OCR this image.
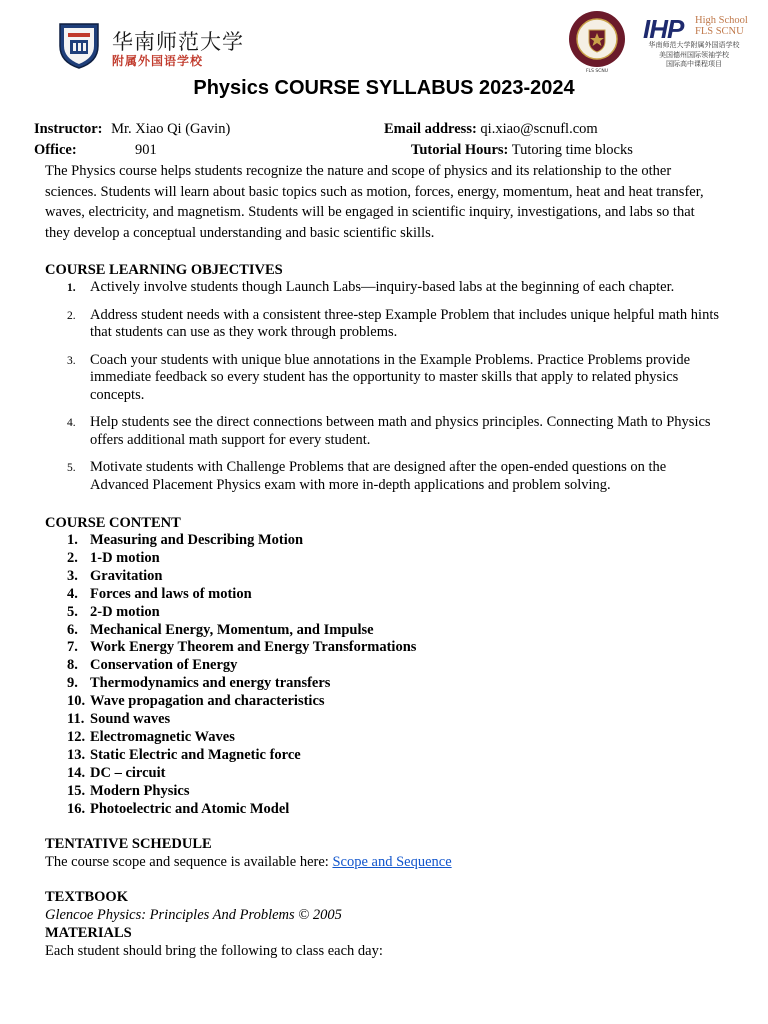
华南师范大学
附属外国语学校
FLS SCNU
IHP High School
FLS SCNU
华南师范大学附属外国语学校
美国德州国际领袖学校
国际高中课程项目
Physics COURSE SYLLABUS 2023-2024
Instructor: Mr. Xiao Qi (Gavin)	Email address: qi.xiao@scnufl.com
Office:	901	Tutorial Hours: Tutoring time blocks
The Physics course helps students recognize the nature and scope of physics and its relationship to the other sciences. Students will learn about basic topics such as motion, forces, energy, momentum, heat and heat transfer, waves, electricity, and magnetism. Students will be engaged in scientific inquiry, investigations, and labs so that they develop a conceptual understanding and basic scientific skills.
COURSE LEARNING OBJECTIVES
1. Actively involve students though Launch Labs—inquiry-based labs at the beginning of each chapter.
2. Address student needs with a consistent three-step Example Problem that includes unique helpful math hints that students can use as they work through problems.
3. Coach your students with unique blue annotations in the Example Problems. Practice Problems provide immediate feedback so every student has the opportunity to master skills that apply to related physics concepts.
4. Help students see the direct connections between math and physics principles. Connecting Math to Physics offers additional math support for every student.
5. Motivate students with Challenge Problems that are designed after the open-ended questions on the Advanced Placement Physics exam with more in-depth applications and problem solving.
COURSE CONTENT
1. Measuring and Describing Motion
2. 1-D motion
3. Gravitation
4. Forces and laws of motion
5. 2-D motion
6. Mechanical Energy, Momentum, and Impulse
7. Work Energy Theorem and Energy Transformations
8. Conservation of Energy
9. Thermodynamics and energy transfers
10. Wave propagation and characteristics
11. Sound waves
12. Electromagnetic Waves
13. Static Electric and Magnetic force
14. DC – circuit
15. Modern Physics
16. Photoelectric and Atomic Model
TENTATIVE SCHEDULE
The course scope and sequence is available here: Scope and Sequence
TEXTBOOK
Glencoe Physics: Principles And Problems © 2005
MATERIALS
Each student should bring the following to class each day:
